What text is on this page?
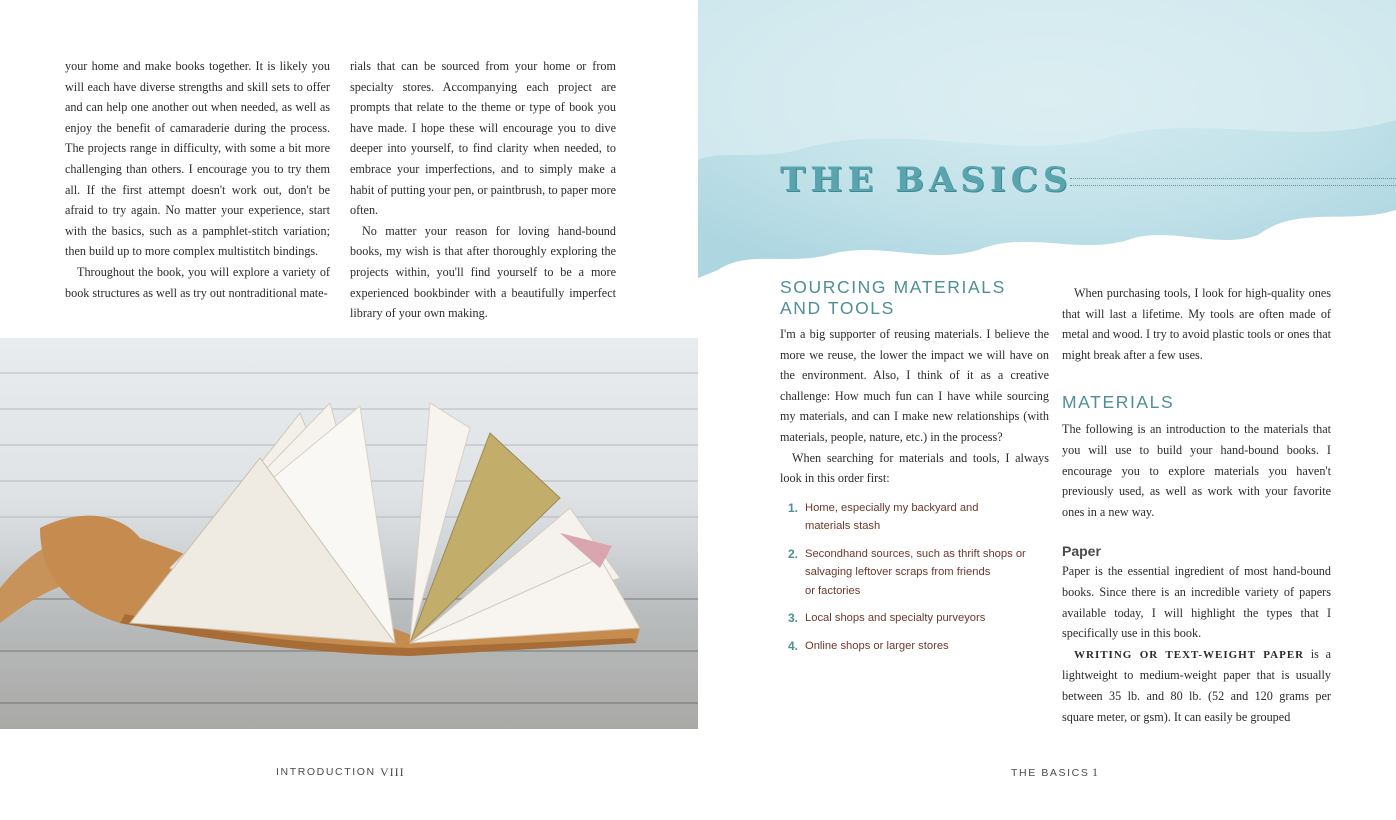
your home and make books together. It is likely you will each have diverse strengths and skill sets to offer and can help one another out when needed, as well as enjoy the benefit of camaraderie during the process. The projects range in difficulty, with some a bit more challenging than others. I encourage you to try them all. If the first attempt doesn't work out, don't be afraid to try again. No matter your experience, start with the basics, such as a pamphlet-stitch variation; then build up to more complex multistitch bindings.

Throughout the book, you will explore a variety of book structures as well as try out nontraditional mate-

rials that can be sourced from your home or from specialty stores. Accompanying each project are prompts that relate to the theme or type of book you have made. I hope these will encourage you to dive deeper into yourself, to find clarity when needed, to embrace your imperfections, and to simply make a habit of putting your pen, or paintbrush, to paper more often.

No matter your reason for loving hand-bound books, my wish is that after thoroughly exploring the projects within, you'll find yourself to be a more experienced bookbinder with a beautifully imperfect library of your own making.

INTRODUCTION VIII
THE BASICS
SOURCING MATERIALS
AND TOOLS

I'm a big supporter of reusing materials. I believe the more we reuse, the lower the impact we will have on the environment. Also, I think of it as a creative challenge: How much fun can I have while sourcing my materials, and can I make new relationships (with materials, people, nature, etc.) in the process?

When searching for materials and tools, I always look in this order first:

1. Home, especially my backyard and
materials stash
2. Secondhand sources, such as thrift shops or
salvaging leftover scraps from friends
or factories
3. Local shops and specialty purveyors
4. Online shops or larger stores

When purchasing tools, I look for high-quality ones that will last a lifetime. My tools are often made of metal and wood. I try to avoid plastic tools or ones that might break after a few uses.

MATERIALS

The following is an introduction to the materials that you will use to build your hand-bound books. I encourage you to explore materials you haven't previously used, as well as work with your favorite ones in a new way.

Paper

Paper is the essential ingredient of most hand-bound books. Since there is an incredible variety of papers available today, I will highlight the types that I specifically use in this book.

WRITING OR TEXT-WEIGHT PAPER is a lightweight to medium-weight paper that is usually between 35 lb. and 80 lb. (52 and 120 grams per square meter, or gsm). It can easily be grouped

THE BASICS 1
